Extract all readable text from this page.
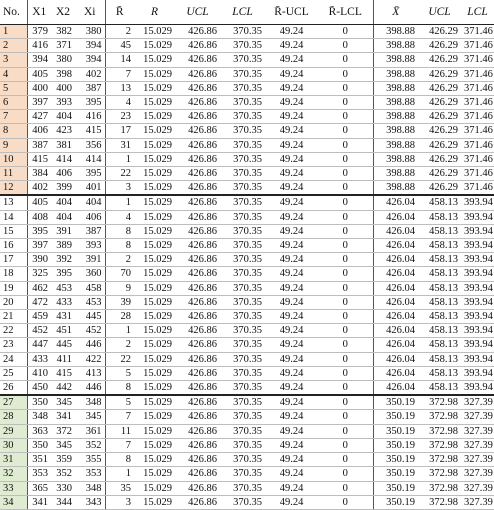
No.	X1	X2	Xi	R̄	R	UCL	LCL	R̄-UCL	R̄-LCL	X̄	UCL	LCL
1	379	382	380	2	15.029	426.86	370.35	49.24	0	398.88	426.29	371.46
2	416	371	394	45	15.029	426.86	370.35	49.24	0	398.88	426.29	371.46
3	394	380	394	14	15.029	426.86	370.35	49.24	0	398.88	426.29	371.46
4	405	398	402	7	15.029	426.86	370.35	49.24	0	398.88	426.29	371.46
5	400	400	387	13	15.029	426.86	370.35	49.24	0	398.88	426.29	371.46
6	397	393	395	4	15.029	426.86	370.35	49.24	0	398.88	426.29	371.46
7	427	404	416	23	15.029	426.86	370.35	49.24	0	398.88	426.29	371.46
8	406	423	415	17	15.029	426.86	370.35	49.24	0	398.88	426.29	371.46
9	387	381	356	31	15.029	426.86	370.35	49.24	0	398.88	426.29	371.46
10	415	414	414	1	15.029	426.86	370.35	49.24	0	398.88	426.29	371.46
11	384	406	395	22	15.029	426.86	370.35	49.24	0	398.88	426.29	371.46
12	402	399	401	3	15.029	426.86	370.35	49.24	0	398.88	426.29	371.46
13	405	404	404	1	15.029	426.86	370.35	49.24	0	426.04	458.13	393.94
14	408	404	406	4	15.029	426.86	370.35	49.24	0	426.04	458.13	393.94
15	395	391	387	8	15.029	426.86	370.35	49.24	0	426.04	458.13	393.94
16	397	389	393	8	15.029	426.86	370.35	49.24	0	426.04	458.13	393.94
17	390	392	391	2	15.029	426.86	370.35	49.24	0	426.04	458.13	393.94
18	325	395	360	70	15.029	426.86	370.35	49.24	0	426.04	458.13	393.94
19	462	453	458	9	15.029	426.86	370.35	49.24	0	426.04	458.13	393.94
20	472	433	453	39	15.029	426.86	370.35	49.24	0	426.04	458.13	393.94
21	459	431	445	28	15.029	426.86	370.35	49.24	0	426.04	458.13	393.94
22	452	451	452	1	15.029	426.86	370.35	49.24	0	426.04	458.13	393.94
23	447	445	446	2	15.029	426.86	370.35	49.24	0	426.04	458.13	393.94
24	433	411	422	22	15.029	426.86	370.35	49.24	0	426.04	458.13	393.94
25	410	415	413	5	15.029	426.86	370.35	49.24	0	426.04	458.13	393.94
26	450	442	446	8	15.029	426.86	370.35	49.24	0	426.04	458.13	393.94
27	350	345	348	5	15.029	426.86	370.35	49.24	0	350.19	372.98	327.39
28	348	341	345	7	15.029	426.86	370.35	49.24	0	350.19	372.98	327.39
29	363	372	361	11	15.029	426.86	370.35	49.24	0	350.19	372.98	327.39
30	350	345	352	7	15.029	426.86	370.35	49.24	0	350.19	372.98	327.39
31	351	359	355	8	15.029	426.86	370.35	49.24	0	350.19	372.98	327.39
32	353	352	353	1	15.029	426.86	370.35	49.24	0	350.19	372.98	327.39
33	365	330	348	35	15.029	426.86	370.35	49.24	0	350.19	372.98	327.39
34	341	344	343	3	15.029	426.86	370.35	49.24	0	350.19	372.98	327.39
